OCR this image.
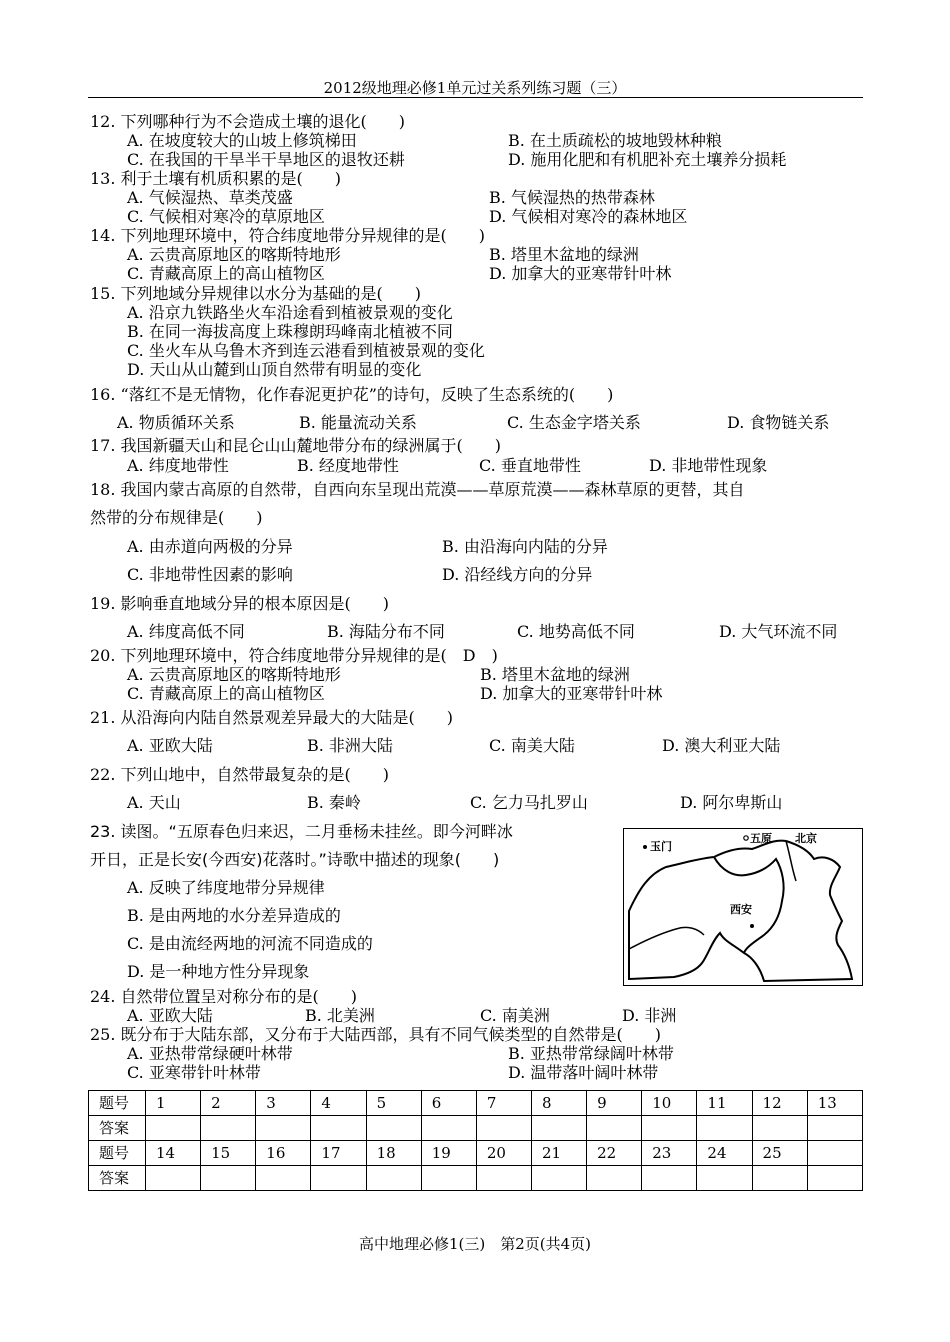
2012级地理必修1单元过关系列练习题（三）
12. 下列哪种行为不会造成土壤的退化(　　)
A. 在坡度较大的山坡上修筑梯田	B. 在土质疏松的坡地毁林种粮
C. 在我国的干旱半干旱地区的退牧还耕	D. 施用化肥和有机肥补充土壤养分损耗
13. 利于土壤有机质积累的是(　　)
A. 气候湿热、草类茂盛	B. 气候湿热的热带森林
C. 气候相对寒冷的草原地区	D. 气候相对寒冷的森林地区
14. 下列地理环境中，符合纬度地带分异规律的是(　　)
A. 云贵高原地区的喀斯特地形	B. 塔里木盆地的绿洲
C. 青藏高原上的高山植物区	D. 加拿大的亚寒带针叶林
15. 下列地域分异规律以水分为基础的是(　　)
A. 沿京九铁路坐火车沿途看到植被景观的变化
B. 在同一海拔高度上珠穆朗玛峰南北植被不同
C. 坐火车从乌鲁木齐到连云港看到植被景观的变化
D. 天山从山麓到山顶自然带有明显的变化
16. “落红不是无情物，化作春泥更护花”的诗句，反映了生态系统的(　　)
A. 物质循环关系	B. 能量流动关系	C. 生态金字塔关系	D. 食物链关系
17. 我国新疆天山和昆仑山山麓地带分布的绿洲属于(　　)
A. 纬度地带性	B. 经度地带性	C. 垂直地带性	D. 非地带性现象
18. 我国内蒙古高原的自然带，自西向东呈现出荒漠——草原荒漠——森林草原的更替，其自
然带的分布规律是(　　)
A. 由赤道向两极的分异	B. 由沿海向内陆的分异
C. 非地带性因素的影响	D. 沿经线方向的分异
19. 影响垂直地域分异的根本原因是(　　)
A. 纬度高低不同	B. 海陆分布不同	C. 地势高低不同	D. 大气环流不同
20. 下列地理环境中，符合纬度地带分异规律的是(　D　)
A. 云贵高原地区的喀斯特地形	B. 塔里木盆地的绿洲
C. 青藏高原上的高山植物区	D. 加拿大的亚寒带针叶林
21. 从沿海向内陆自然景观差异最大的大陆是(　　)
A. 亚欧大陆	B. 非洲大陆	C. 南美大陆	D. 澳大利亚大陆
22. 下列山地中，自然带最复杂的是(　　)
A. 天山	B. 秦岭	C. 乞力马扎罗山	D. 阿尔卑斯山
23. 读图。“五原春色归来迟，二月垂杨未挂丝。即今河畔冰
开日，正是长安(今西安)花落时。”诗歌中描述的现象(　　)
A. 反映了纬度地带分异规律
B. 是由两地的水分差异造成的
C. 是由流经两地的河流不同造成的
D. 是一种地方性分异现象
玉门
五原 北京
西安
24. 自然带位置呈对称分布的是(　　)
A. 亚欧大陆	B. 北美洲	C. 南美洲	D. 非洲
25. 既分布于大陆东部，又分布于大陆西部，具有不同气候类型的自然带是(　　)
A. 亚热带常绿硬叶林带	B. 亚热带常绿阔叶林带
C. 亚寒带针叶林带	D. 温带落叶阔叶林带
题号	1	2	3	4	5	6	7	8	9	10	11	12	13
答案													
题号	14	15	16	17	18	19	20	21	22	23	24	25	
答案													
高中地理必修1(三)　第2页(共4页)
